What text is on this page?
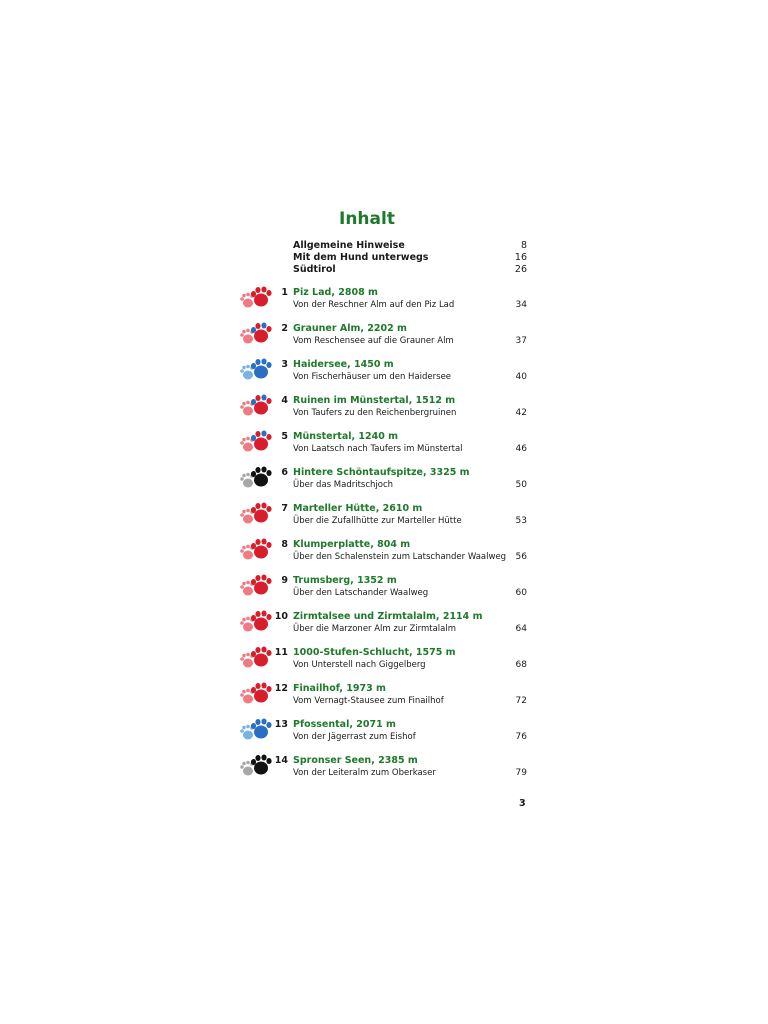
Inhalt
Allgemeine Hinweise	8
Mit dem Hund unterwegs	16
Südtirol	26
1 Piz Lad, 2808 m
Von der Reschner Alm auf den Piz Lad	34
2 Grauner Alm, 2202 m
Vom Reschensee auf die Grauner Alm	37
3 Haidersee, 1450 m
Von Fischerhäuser um den Haidersee	40
4 Ruinen im Münstertal, 1512 m
Von Taufers zu den Reichenbergruinen	42
5 Münstertal, 1240 m
Von Laatsch nach Taufers im Münstertal	46
6 Hintere Schöntaufspitze, 3325 m
Über das Madritschjoch	50
7 Marteller Hütte, 2610 m
Über die Zufallhütte zur Marteller Hütte	53
8 Klumperplatte, 804 m
Über den Schalenstein zum Latschander Waalweg 56
9 Trumsberg, 1352 m
Über den Latschander Waalweg	60
10 Zirmtalsee und Zirmtalalm, 2114 m
Über die Marzoner Alm zur Zirmtalalm	64
11 1000-Stufen-Schlucht, 1575 m
Von Unterstell nach Giggelberg	68
12 Finailhof, 1973 m
Vom Vernagt-Stausee zum Finailhof	72
13 Pfossental, 2071 m
Von der Jägerrast zum Eishof	76
14 Spronser Seen, 2385 m
Von der Leiteralm zum Oberkaser	79
3
